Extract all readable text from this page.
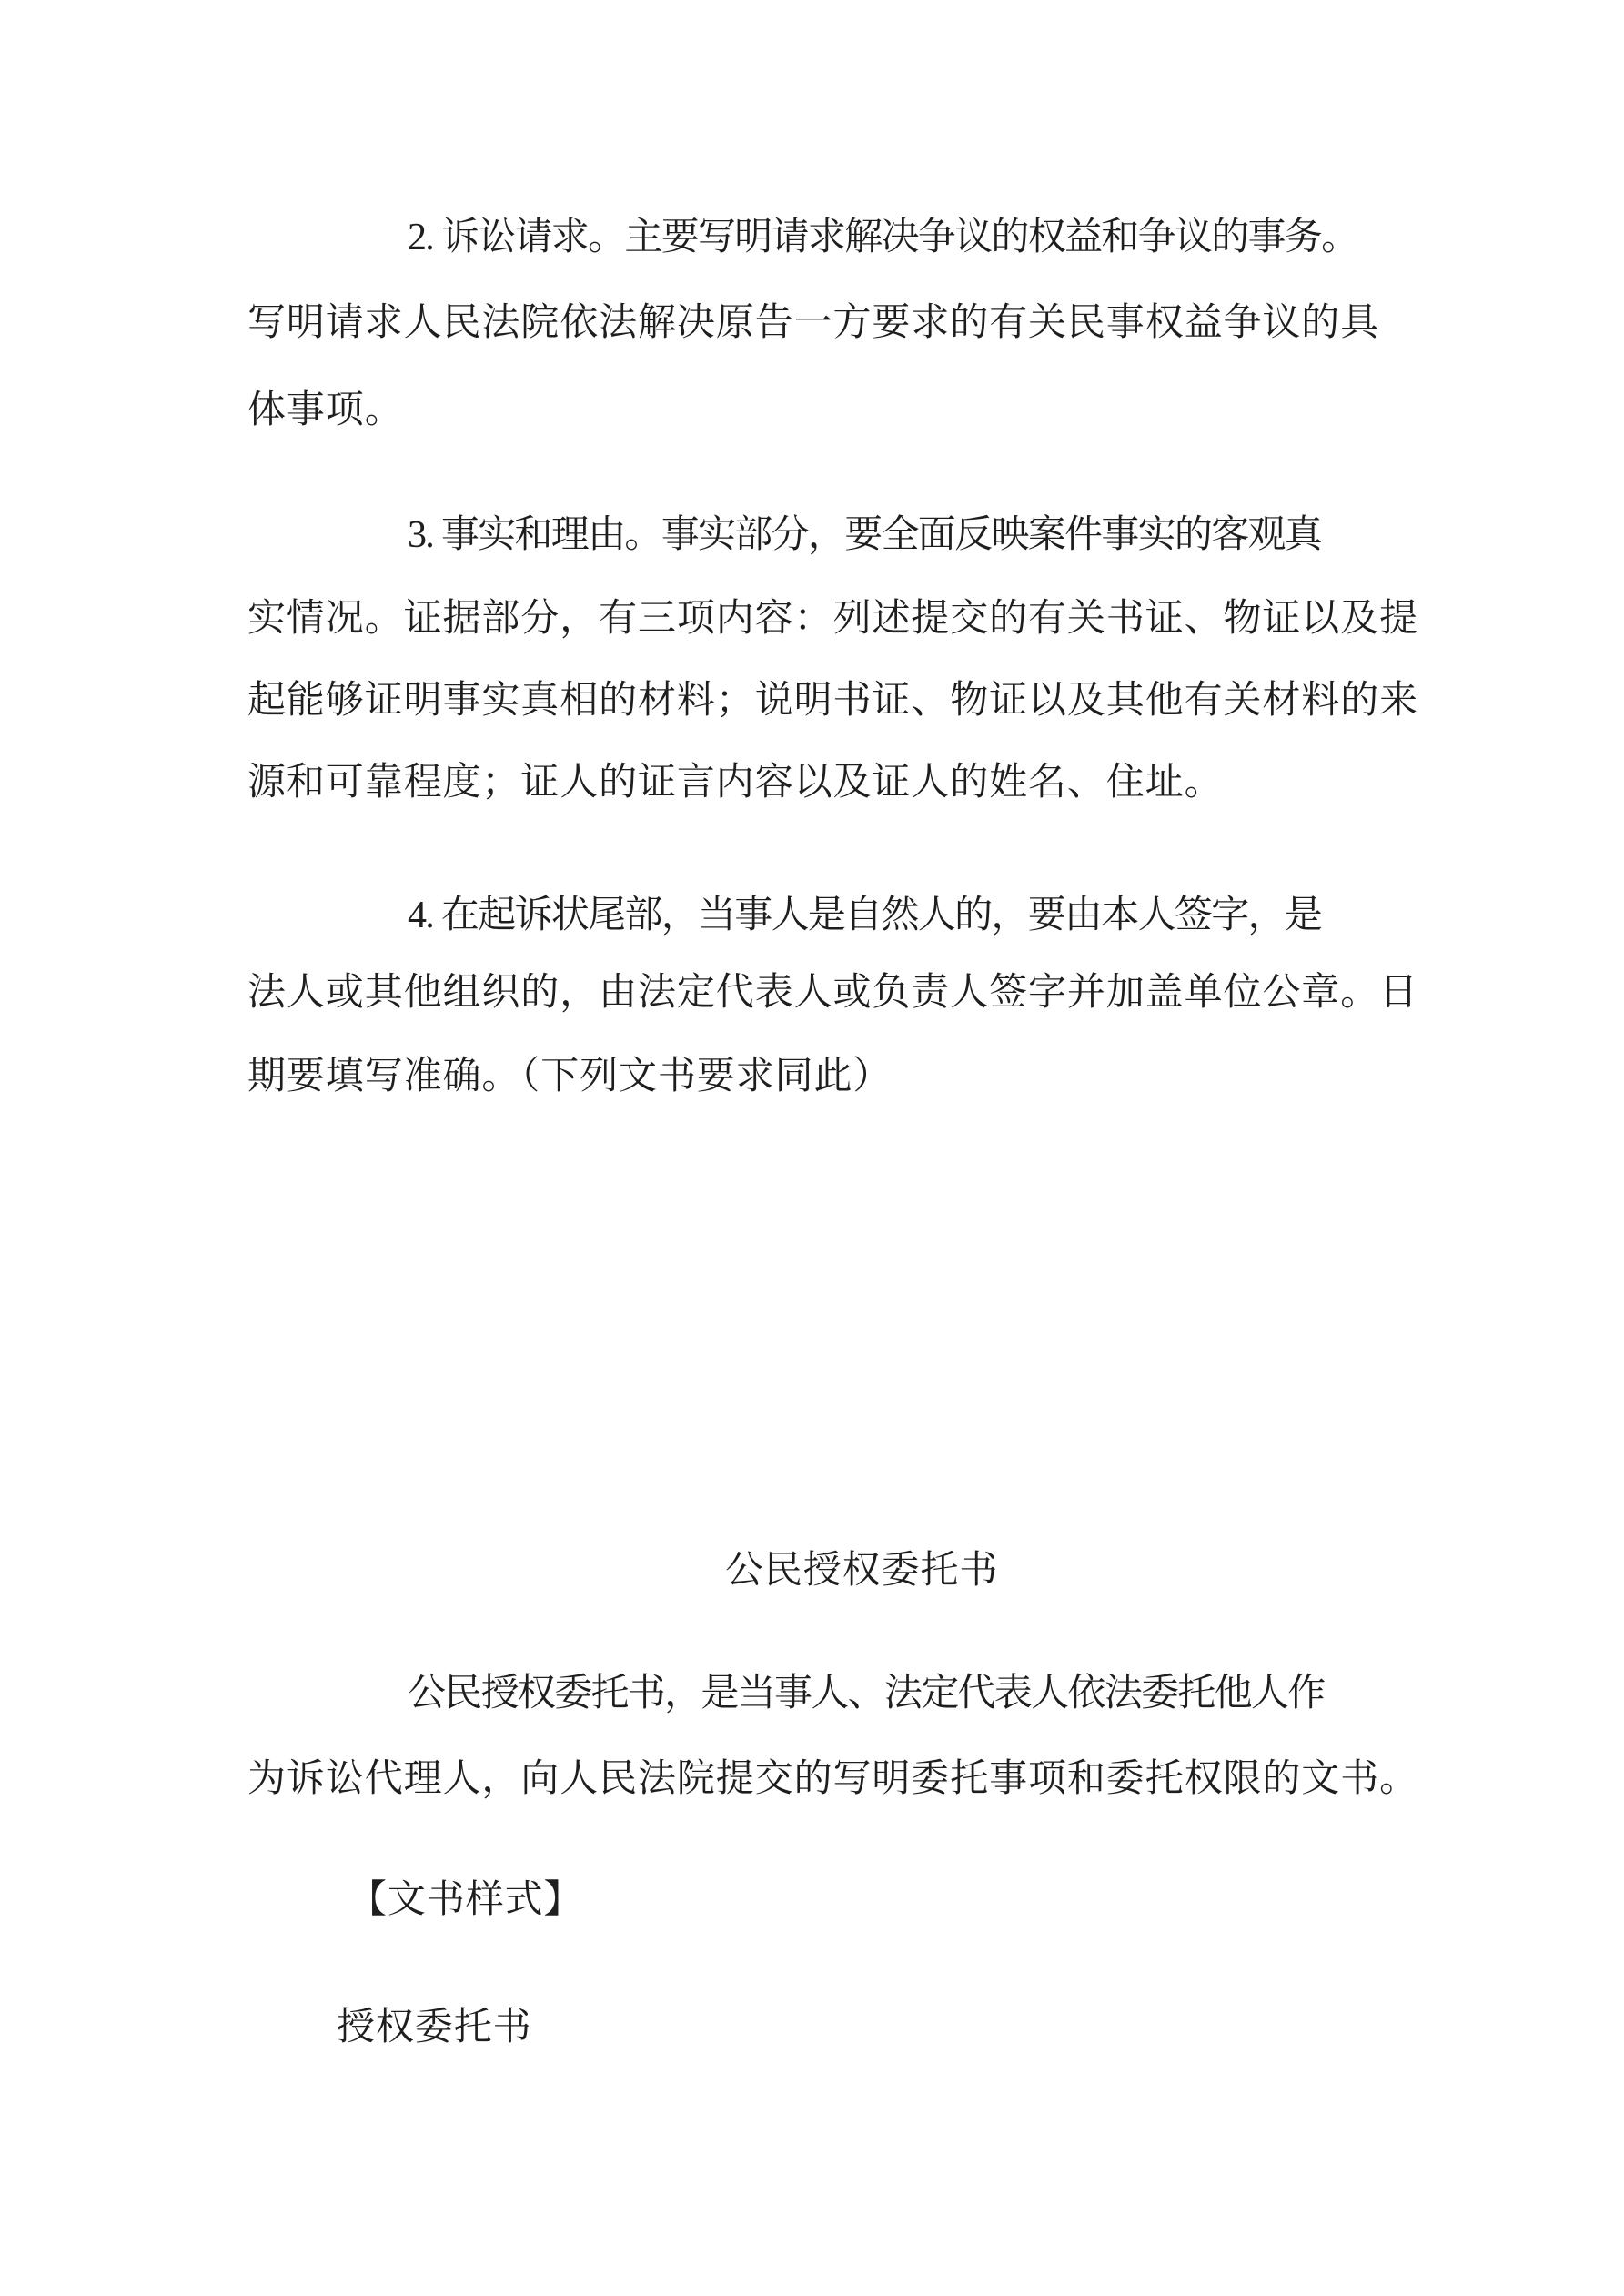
2. 诉讼请求。主要写明请求解决争议的权益和争议的事务。
写明请求人民法院依法解决原告一方要求的有关民事权益争议的具
体事项。
3. 事实和理由。事实部分，要全面反映案件事实的客观真
实情况。证据部分，有三项内容：列述提交的有关书证、物证以及提
起能够证明事实真相的材料；说明书证、物证以及其他有关材料的来
源和可靠程度；证人的证言内容以及证人的姓名、住址。
4. 在起诉状尾部，当事人是自然人的，要由本人签字，是
法人或其他组织的，由法定代表人或负责人签字并加盖单位公章。日
期要填写准确。（下列文书要求同此）
公民授权委托书
公民授权委托书，是当事人、法定代表人依法委托他人作
为诉讼代理人，向人民法院提交的写明委托事项和委托权限的文书。
【文书样式】
授权委托书
